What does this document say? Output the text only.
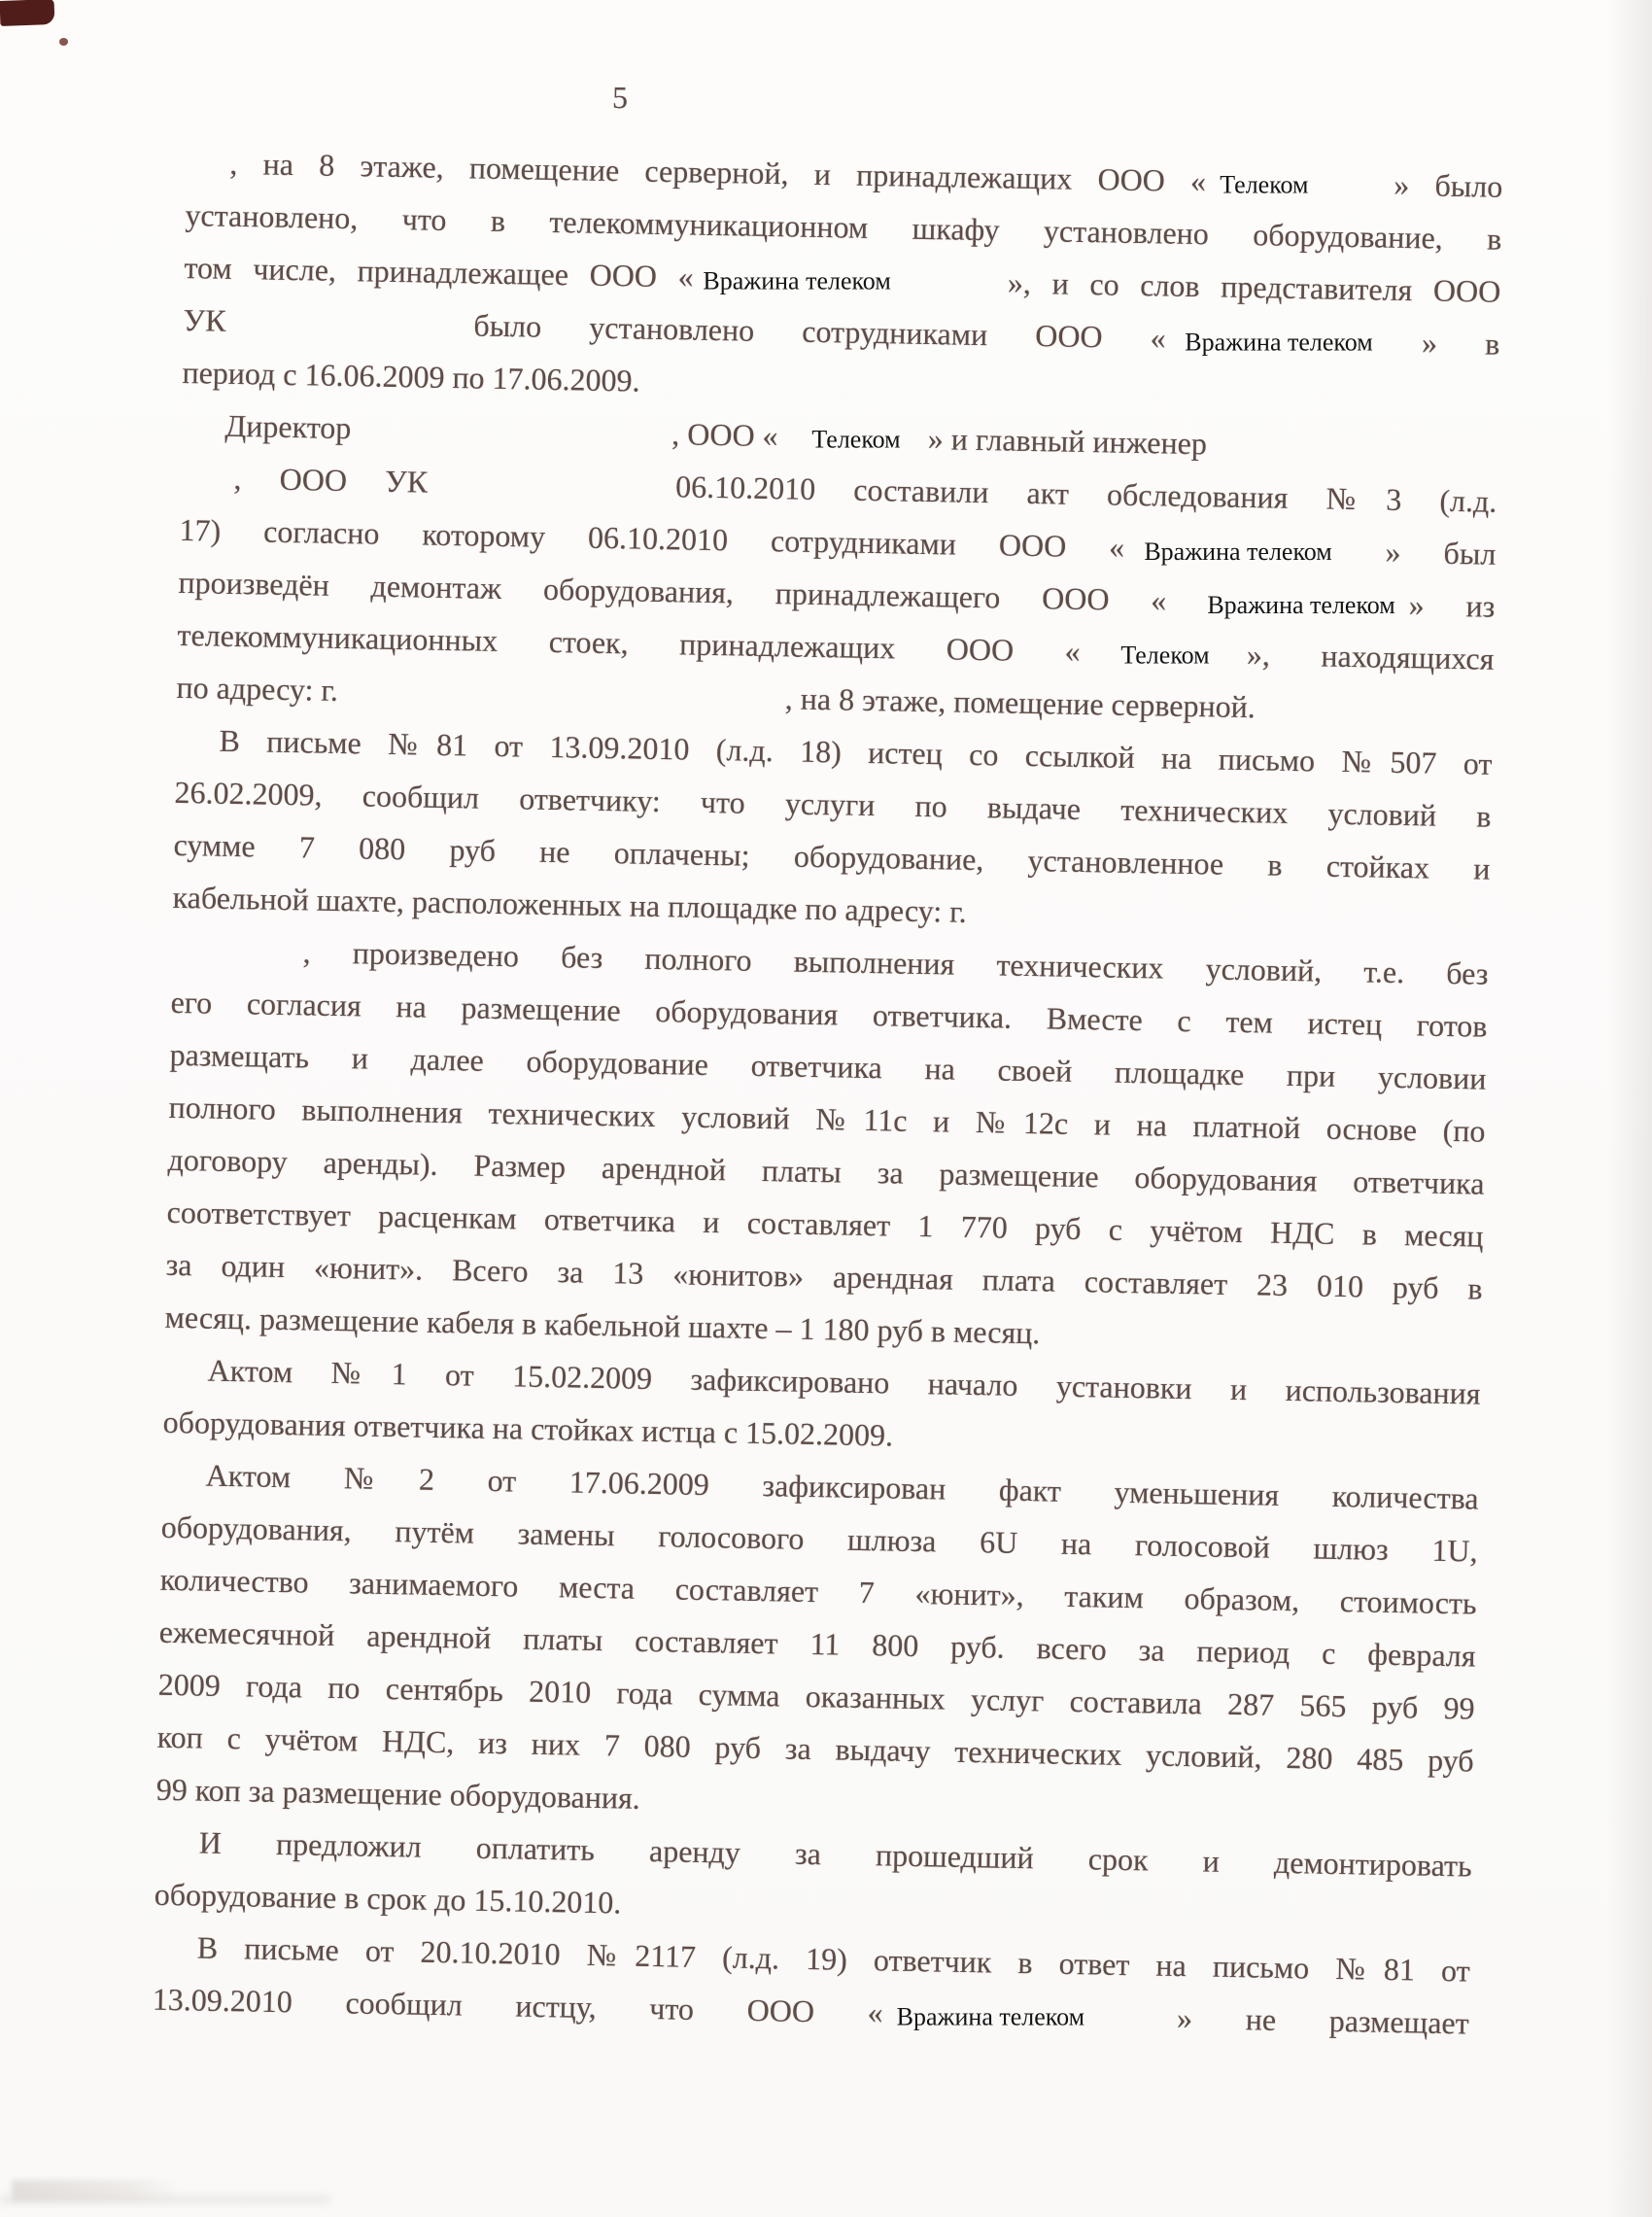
5
, на 8 этаже, помещение серверной, и принадлежащих ООО « Телеком	» было
установлено, что в телекоммуникационном шкафу установлено оборудование, в
том числе, принадлежащее ООО « Вражина телеком	», и со слов представителя ООО
УК	было установлено сотрудниками ООО « Вражина телеком » в
период с 16.06.2009 по 17.06.2009.
Директор	, ООО « Телеком » и главный инженер
, ООО УК	06.10.2010 составили акт обследования №3 (л.д.
17) согласно которому 06.10.2010 сотрудниками ООО « Вражина телеком » был
произведён демонтаж оборудования, принадлежащего ООО « Вражина телеком » из
телекоммуникационных стоек, принадлежащих ООО « Телеком », находящихся
по адресу: г.	, на 8 этаже, помещение серверной.
В письме №81 от 13.09.2010 (л.д. 18) истец со ссылкой на письмо №507 от
26.02.2009, сообщил ответчику: что услуги по выдаче технических условий в
сумме 7 080 руб не оплачены; оборудование, установленное в стойках и
кабельной шахте, расположенных на площадке по адресу: г.
, произведено без полного выполнения технических условий, т.е. без
его согласия на размещение оборудования ответчика. Вместе с тем истец готов
размещать и далее оборудование ответчика на своей площадке при условии
полного выполнения технических условий №11с и №12с и на платной основе (по
договору аренды). Размер арендной платы за размещение оборудования ответчика
соответствует расценкам ответчика и составляет 1 770 руб с учётом НДС в месяц
за один «юнит». Всего за 13 «юнитов» арендная плата составляет 23 010 руб в
месяц. размещение кабеля в кабельной шахте – 1 180 руб в месяц.
Актом №1 от 15.02.2009 зафиксировано начало установки и использования
оборудования ответчика на стойках истца с 15.02.2009.
Актом №2 от 17.06.2009 зафиксирован факт уменьшения количества
оборудования, путём замены голосового шлюза 6U на голосовой шлюз 1U,
количество занимаемого места составляет 7 «юнит», таким образом, стоимость
ежемесячной арендной платы составляет 11 800 руб. всего за период с февраля
2009 года по сентябрь 2010 года сумма оказанных услуг составила 287 565 руб 99
коп с учётом НДС, из них 7 080 руб за выдачу технических условий, 280 485 руб
99 коп за размещение оборудования.
И предложил оплатить аренду за прошедший срок и демонтировать
оборудование в срок до 15.10.2010.
В письме от 20.10.2010 №2117 (л.д. 19) ответчик в ответ на письмо №81 от
13.09.2010 сообщил истцу, что ООО « Вражина телеком	» не размещает
